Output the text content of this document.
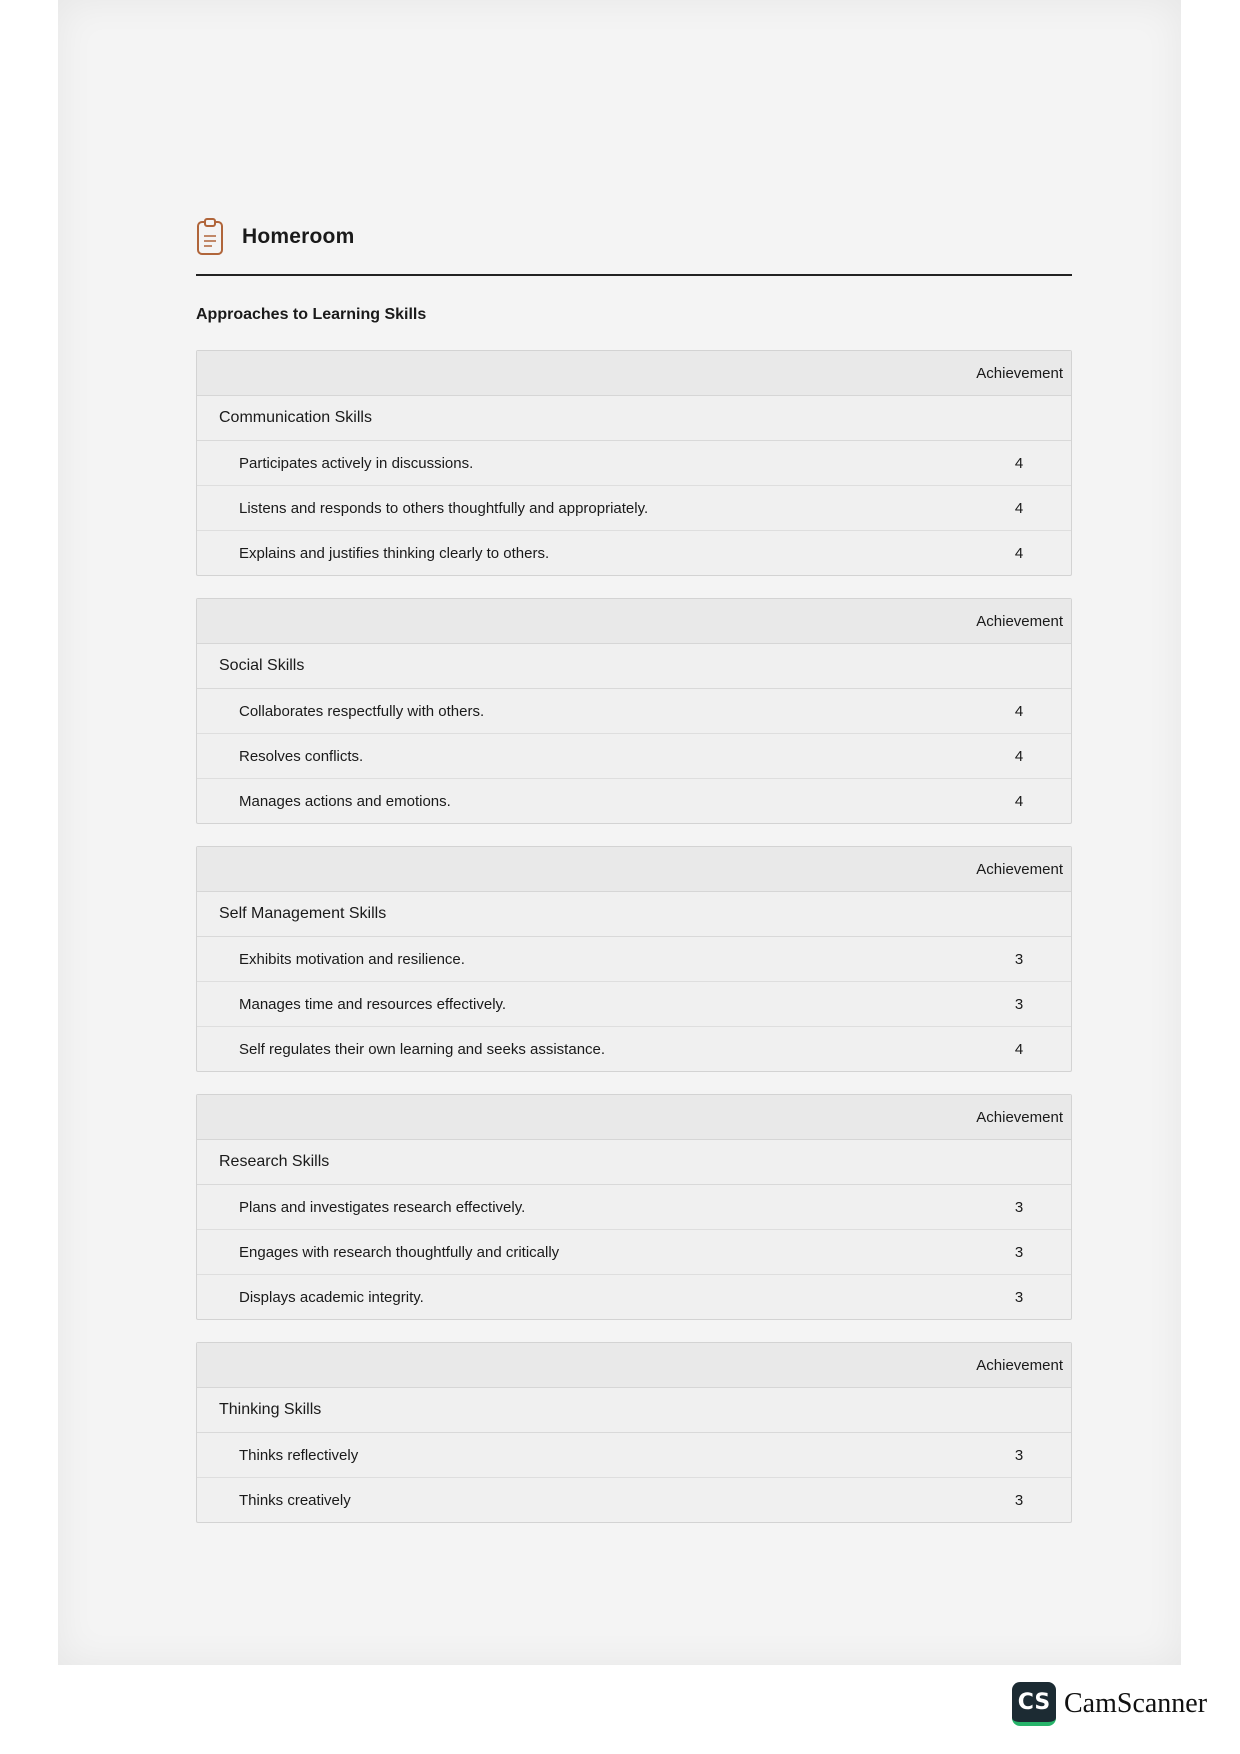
Homeroom
Approaches to Learning Skills
Achievement
Communication Skills
Participates actively in discussions.	4
Listens and responds to others thoughtfully and appropriately.	4
Explains and justifies thinking clearly to others.	4
Achievement
Social Skills
Collaborates respectfully with others.	4
Resolves conflicts.	4
Manages actions and emotions.	4
Achievement
Self Management Skills
Exhibits motivation and resilience.	3
Manages time and resources effectively.	3
Self regulates their own learning and seeks assistance.	4
Achievement
Research Skills
Plans and investigates research effectively.	3
Engages with research thoughtfully and critically	3
Displays academic integrity.	3
Achievement
Thinking Skills
Thinks reflectively	3
Thinks creatively	3
CS CamScanner
